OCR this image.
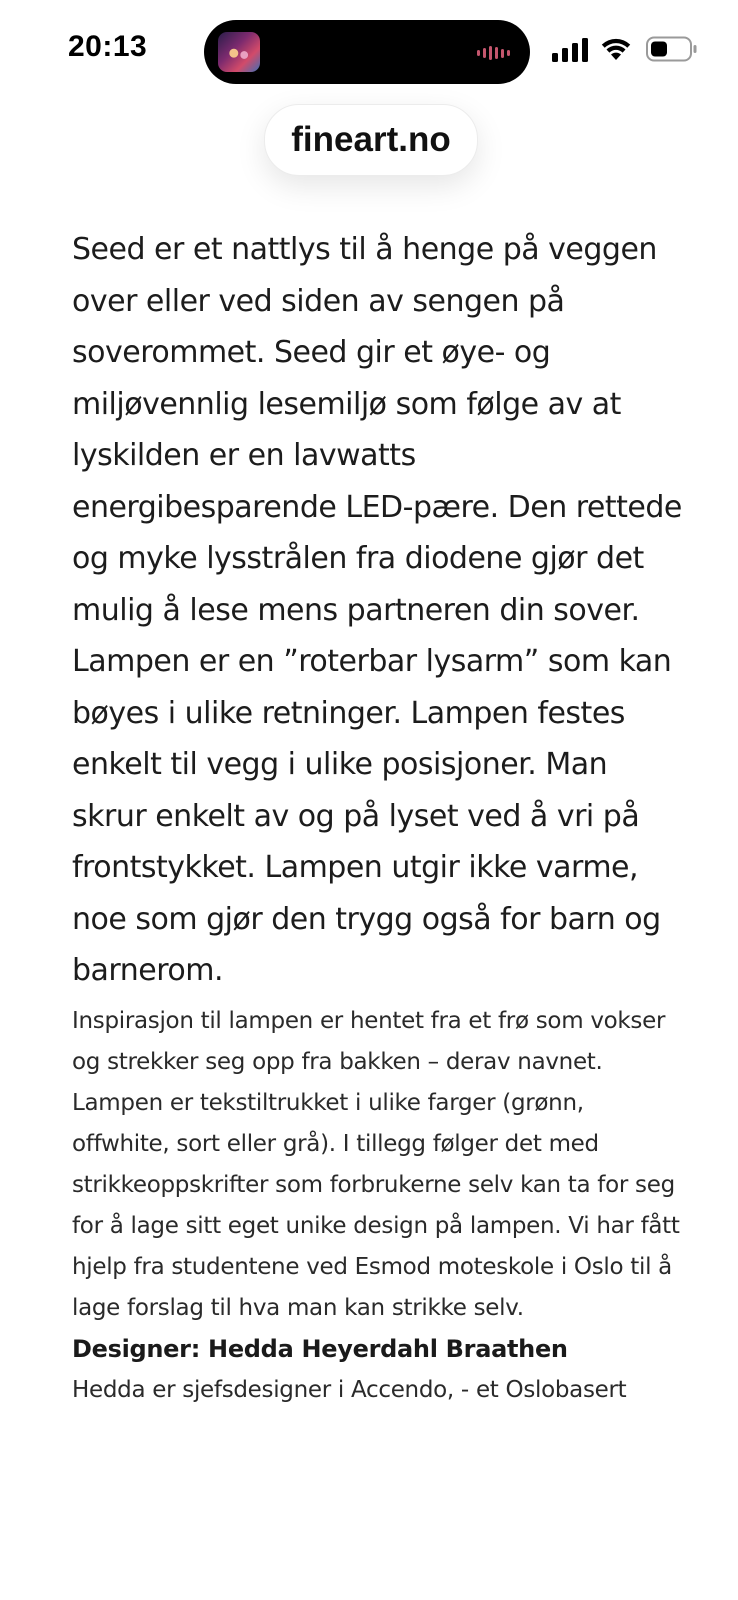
20:13
fineart.no

Seed er et nattlys til å henge på veggen over eller ved siden av sengen på soverommet. Seed gir et øye- og miljøvennlig lesemiljø som følge av at lyskilden er en lavwatts energibesparende LED-pære. Den rettede og myke lysstrålen fra diodene gjør det mulig å lese mens partneren din sover. Lampen er en ”roterbar lysarm” som kan bøyes i ulike retninger. Lampen festes enkelt til vegg i ulike posisjoner. Man skrur enkelt av og på lyset ved å vri på frontstykket. Lampen utgir ikke varme, noe som gjør den trygg også for barn og barnerom.

Inspirasjon til lampen er hentet fra et frø som vokser og strekker seg opp fra bakken – derav navnet. Lampen er tekstiltrukket i ulike farger (grønn, offwhite, sort eller grå). I tillegg følger det med strikkeoppskrifter som forbrukerne selv kan ta for seg for å lage sitt eget unike design på lampen. Vi har fått hjelp fra studentene ved Esmod moteskole i Oslo til å lage forslag til hva man kan strikke selv.

Designer: Hedda Heyerdahl Braathen

Hedda er sjefsdesigner i Accendo, - et Oslobasert
